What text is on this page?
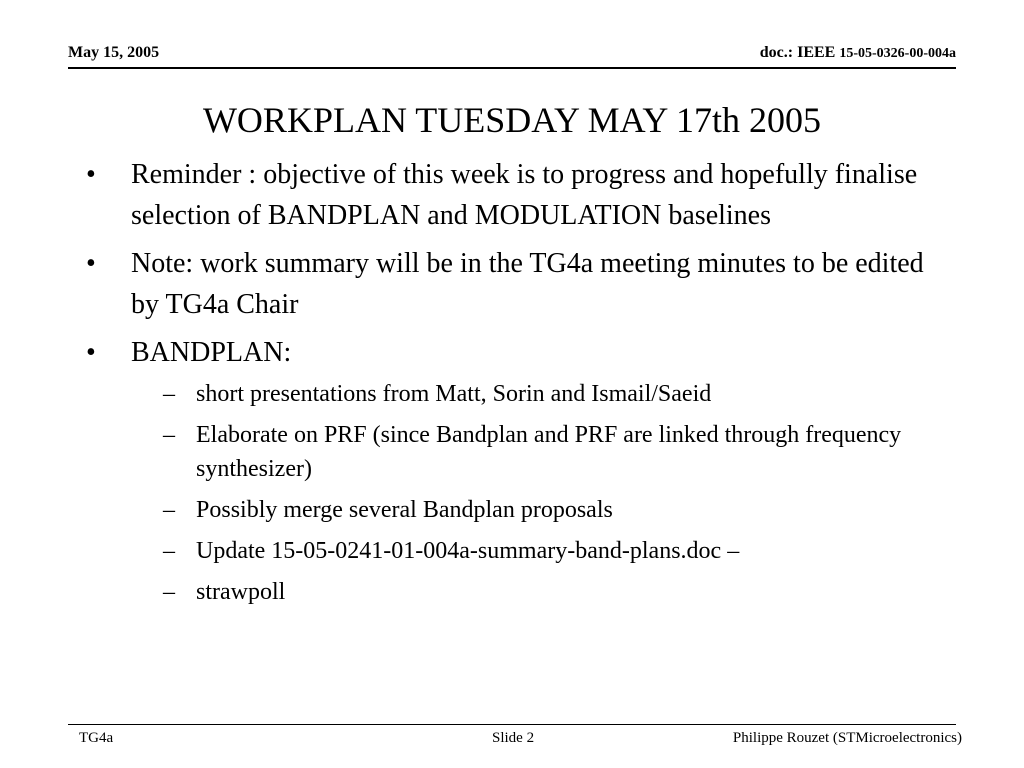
May 15, 2005	doc.: IEEE 15-05-0326-00-004a
WORKPLAN TUESDAY MAY 17th 2005
•	Reminder : objective of this week is to progress and hopefully finalise selection of BANDPLAN and MODULATION baselines
•	Note: work summary will be in the TG4a meeting minutes to be edited by TG4a Chair
•	BANDPLAN:
– short presentations from Matt, Sorin and Ismail/Saeid
– Elaborate on PRF (since Bandplan and PRF are linked through frequency synthesizer)
– Possibly merge several Bandplan proposals
– Update 15-05-0241-01-004a-summary-band-plans.doc –
– strawpoll
TG4a	Slide 2	Philippe Rouzet (STMicroelectronics)
